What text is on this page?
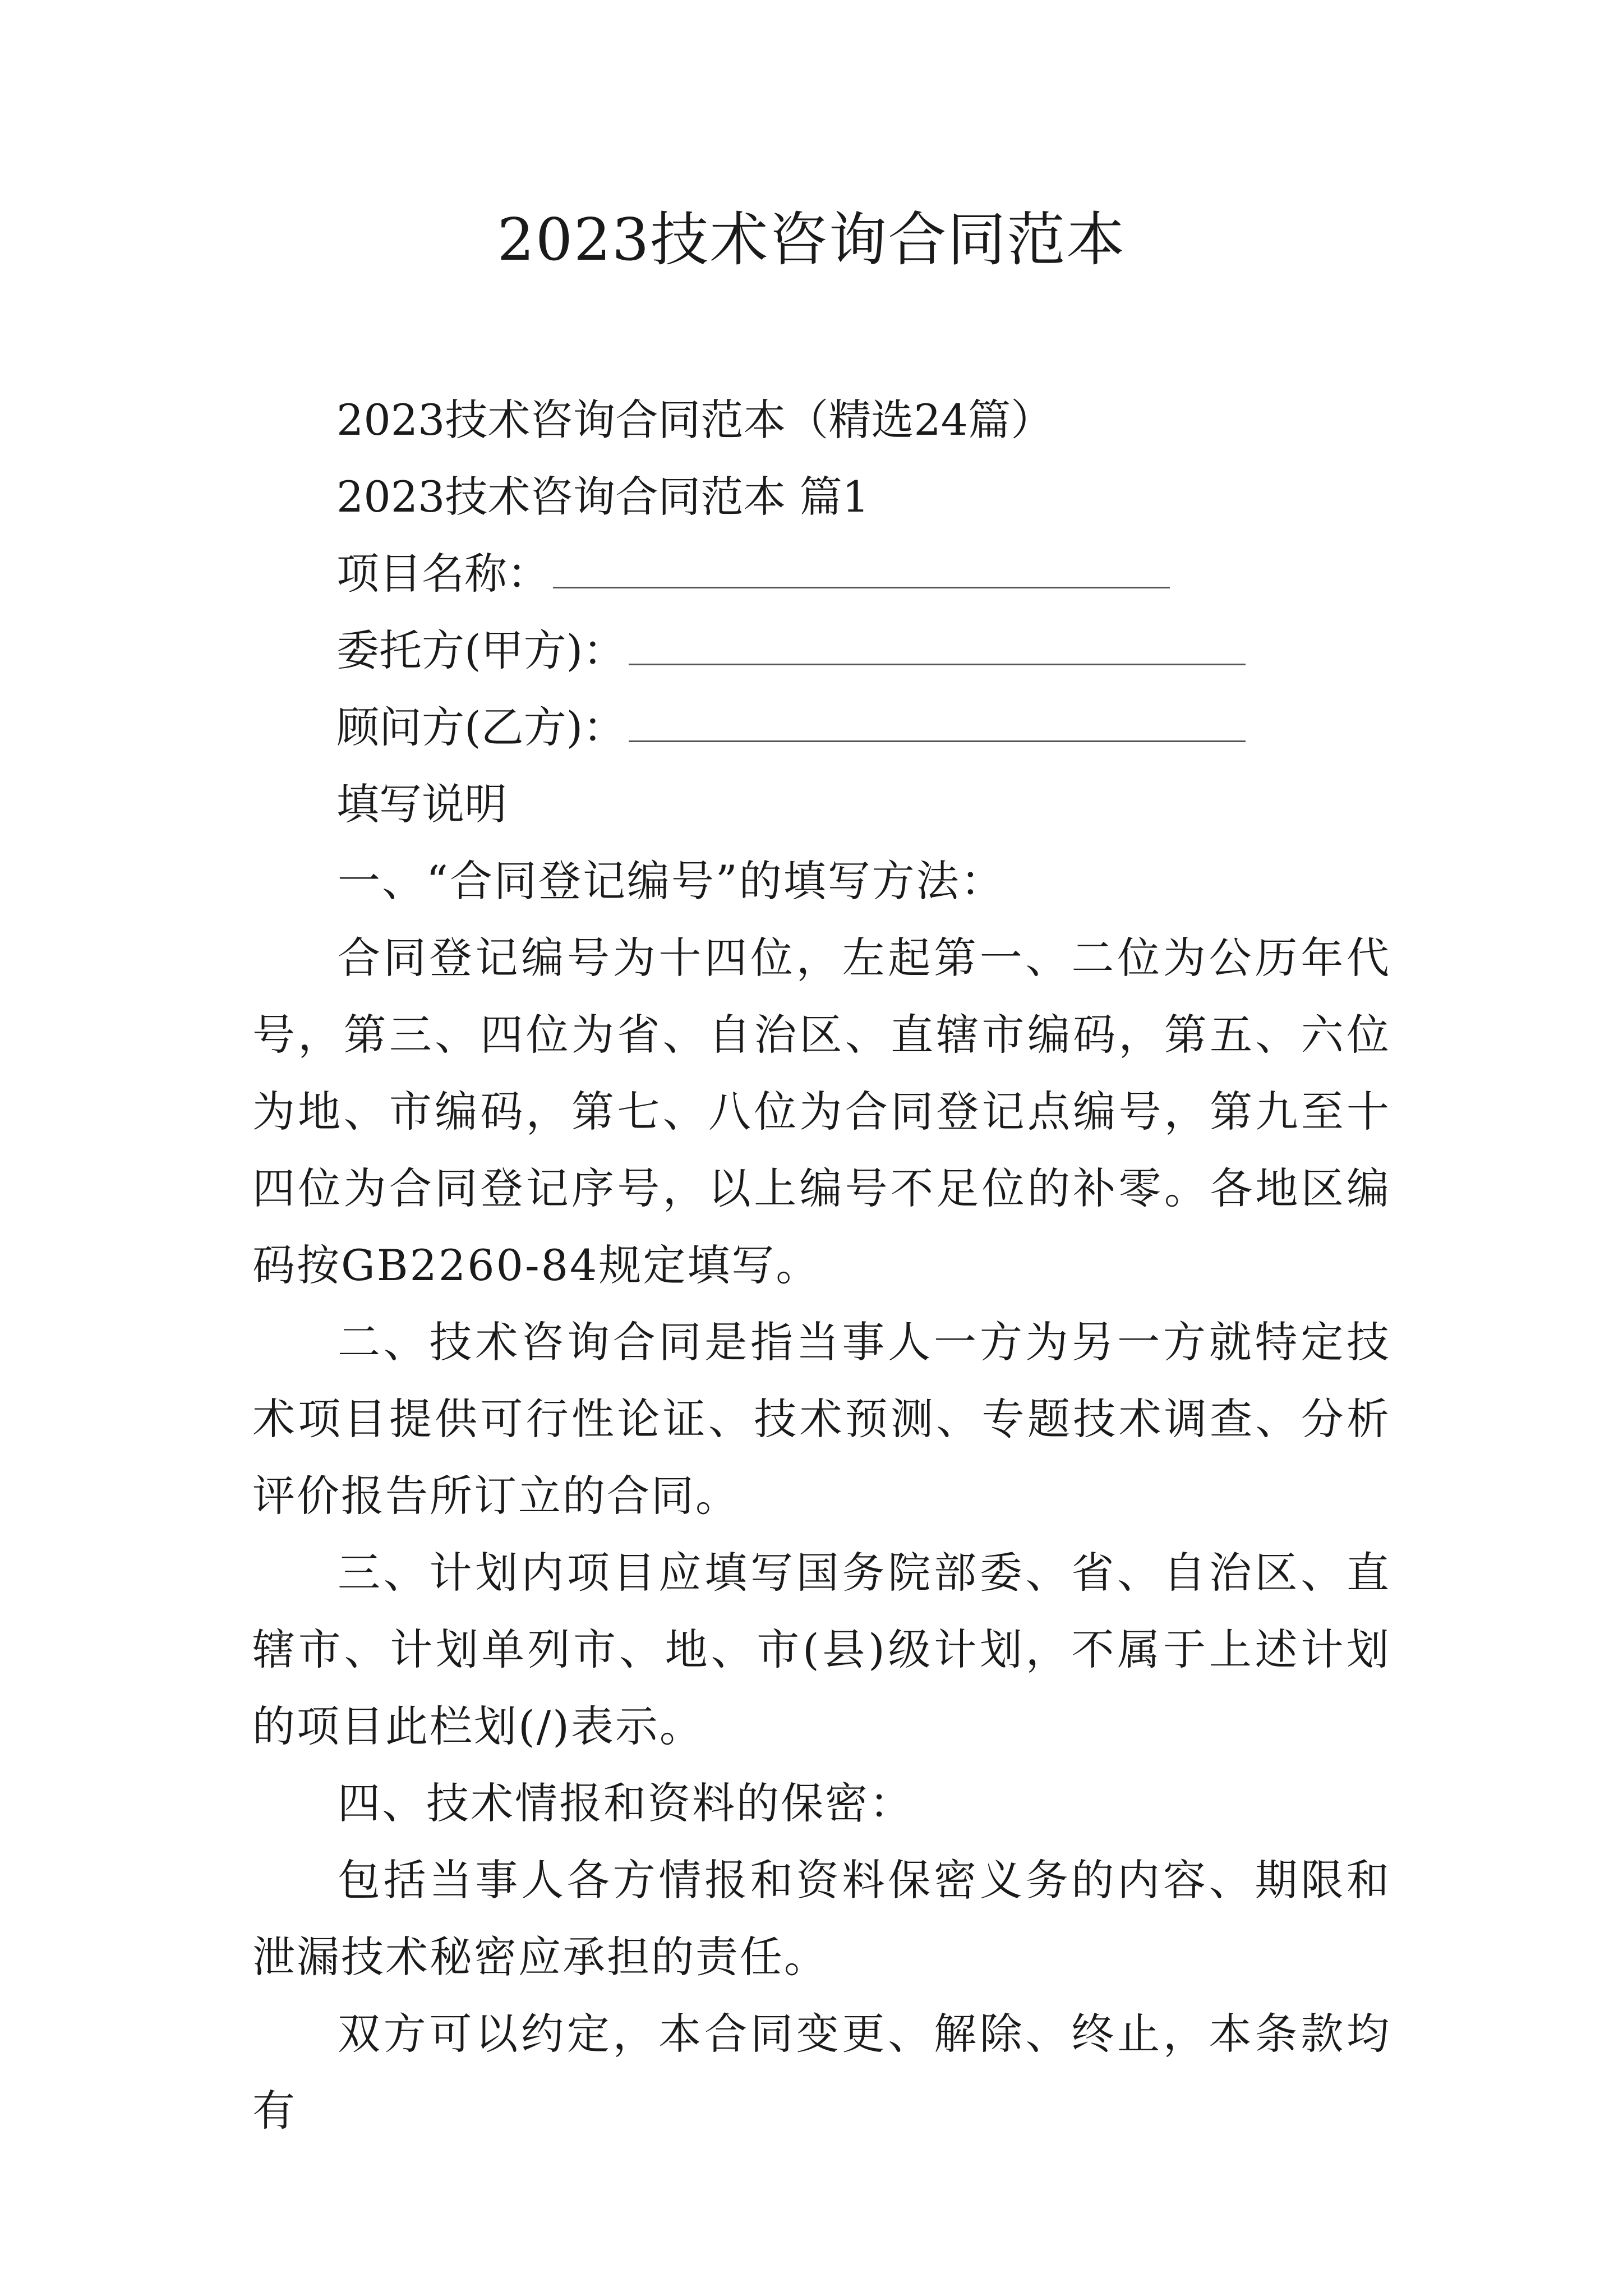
2023技术咨询合同范本
2023技术咨询合同范本（精选24篇）
2023技术咨询合同范本 篇1
项目名称：
委托方(甲方)：
顾问方(乙方)：
填写说明

一、“合同登记编号”的填写方法：

合同登记编号为十四位，左起第一、二位为公历年代号，第三、四位为省、自治区、直辖市编码，第五、六位为地、市编码，第七、八位为合同登记点编号，第九至十四位为合同登记序号，以上编号不足位的补零。各地区编码按GB2260-84规定填写。

二、技术咨询合同是指当事人一方为另一方就特定技术项目提供可行性论证、技术预测、专题技术调查、分析评价报告所订立的合同。

三、计划内项目应填写国务院部委、省、自治区、直辖市、计划单列市、地、市(县)级计划，不属于上述计划的项目此栏划(/)表示。

四、技术情报和资料的保密：

包括当事人各方情报和资料保密义务的内容、期限和泄漏技术秘密应承担的责任。

双方可以约定，本合同变更、解除、终止，本条款均有
